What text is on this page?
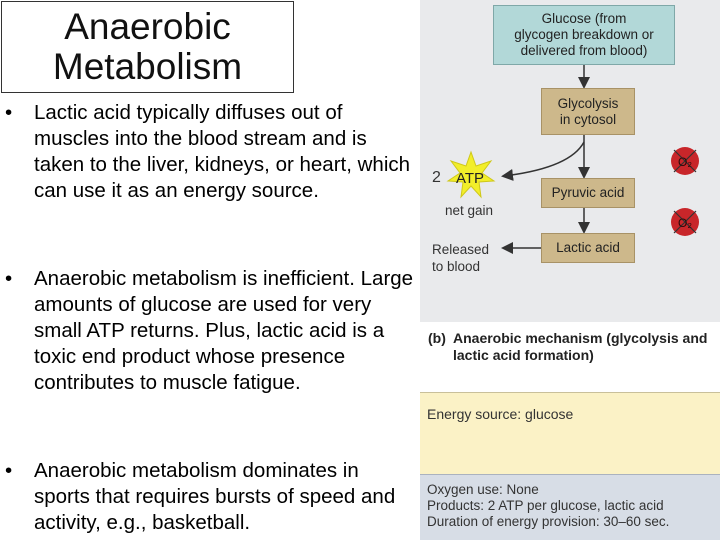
Anaerobic
Metabolism
• Lactic acid typically diffuses out of muscles into the blood stream and is taken to the liver, kidneys, or heart, which can use it as an energy source.
• Anaerobic metabolism is inefficient. Large amounts of glucose are used for very small ATP returns. Plus, lactic acid is a toxic end product whose presence contributes to muscle fatigue.
• Anaerobic metabolism dominates in sports that requires bursts of speed and activity, e.g., basketball.
O₂
O₂
Glucose (from
glycogen breakdown or
delivered from blood)
Glycolysis
in cytosol
Pyruvic acid
Lactic acid
2 ATP
net gain
Released
to blood
(b) Anaerobic mechanism (glycolysis and lactic acid formation)
Energy source: glucose
Oxygen use: None
Products: 2 ATP per glucose, lactic acid
Duration of energy provision: 30–60 sec.
